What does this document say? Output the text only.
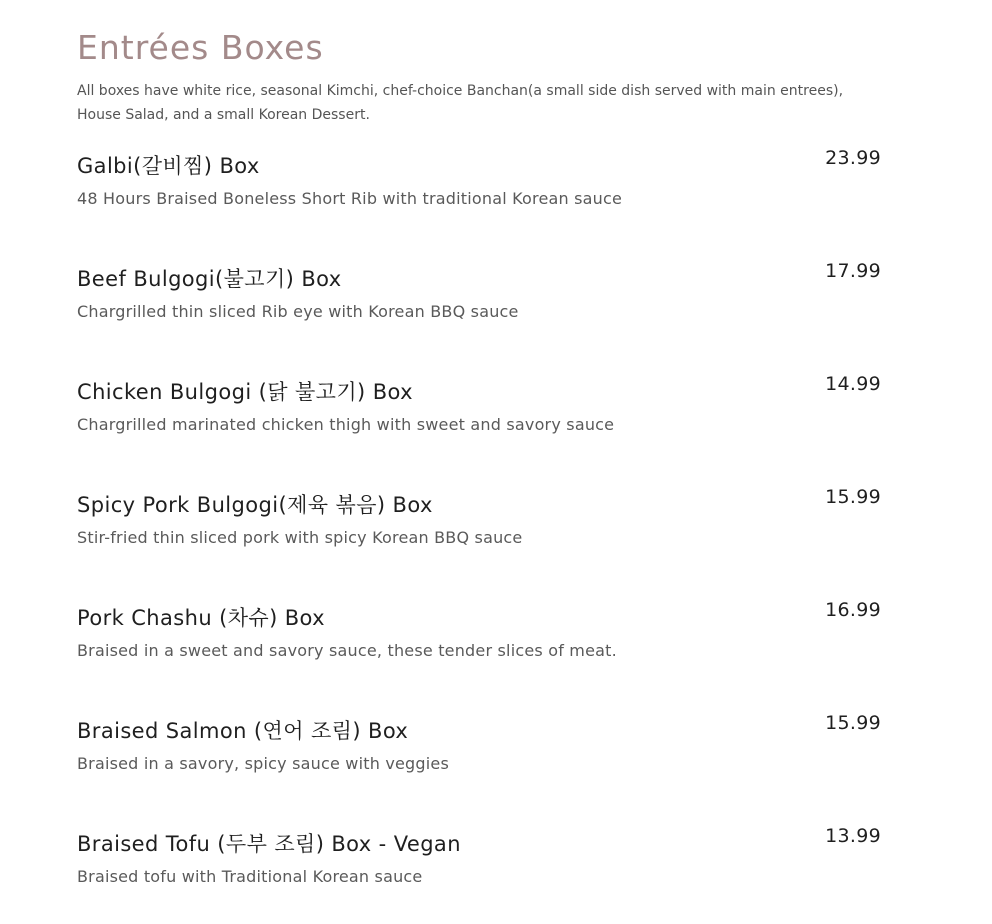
Entrées Boxes

All boxes have white rice, seasonal Kimchi, chef-choice Banchan(a small side dish served with main entrees), House Salad, and a small Korean Dessert.

Galbi(갈비찜) Box	23.99

48 Hours Braised Boneless Short Rib with traditional Korean sauce

Beef Bulgogi(불고기) Box	17.99

Chargrilled thin sliced Rib eye with Korean BBQ sauce

Chicken Bulgogi (닭 불고기) Box	14.99

Chargrilled marinated chicken thigh with sweet and savory sauce

Spicy Pork Bulgogi(제육 볶음) Box	15.99

Stir-fried thin sliced pork with spicy Korean BBQ sauce

Pork Chashu (차슈) Box	16.99

Braised in a sweet and savory sauce, these tender slices of meat.

Braised Salmon (연어 조림) Box	15.99

Braised in a savory, spicy sauce with veggies

Braised Tofu (두부 조림) Box - Vegan	13.99

Braised tofu with Traditional Korean sauce
